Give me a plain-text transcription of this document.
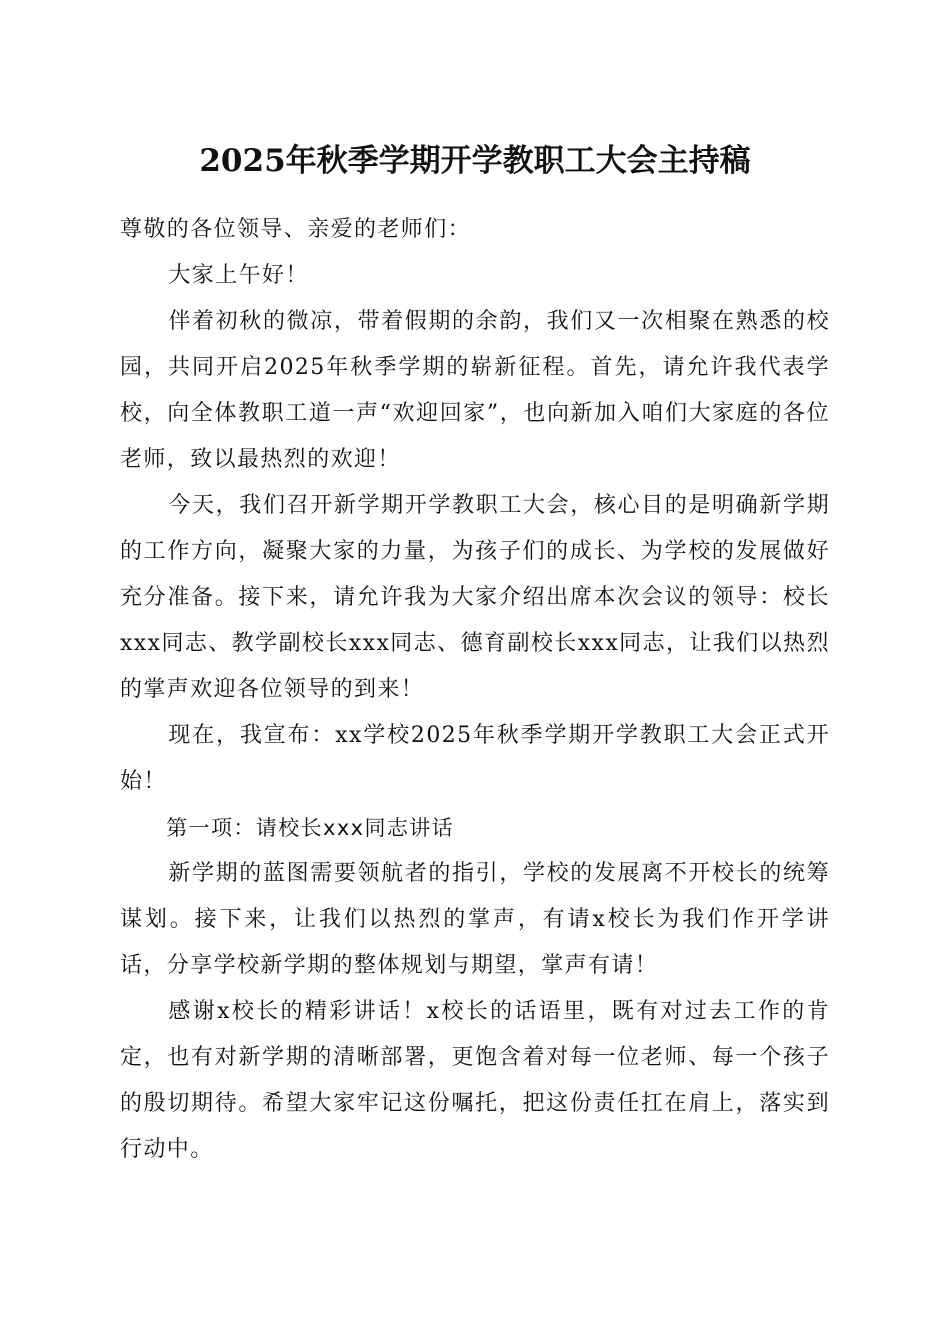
2025年秋季学期开学教职工大会主持稿

尊敬的各位领导、亲爱的老师们：

大家上午好！

伴着初秋的微凉，带着假期的余韵，我们又一次相聚在熟悉的校园，共同开启2025年秋季学期的崭新征程。首先，请允许我代表学校，向全体教职工道一声“欢迎回家”，也向新加入咱们大家庭的各位老师，致以最热烈的欢迎！

今天，我们召开新学期开学教职工大会，核心目的是明确新学期的工作方向，凝聚大家的力量，为孩子们的成长、为学校的发展做好充分准备。接下来，请允许我为大家介绍出席本次会议的领导：校长xxx同志、教学副校长xxx同志、德育副校长xxx同志，让我们以热烈的掌声欢迎各位领导的到来！

现在，我宣布：xx学校2025年秋季学期开学教职工大会正式开始！

第一项：请校长xxx同志讲话

新学期的蓝图需要领航者的指引，学校的发展离不开校长的统筹谋划。接下来，让我们以热烈的掌声，有请x校长为我们作开学讲话，分享学校新学期的整体规划与期望，掌声有请！

感谢x校长的精彩讲话！x校长的话语里，既有对过去工作的肯定，也有对新学期的清晰部署，更饱含着对每一位老师、每一个孩子的殷切期待。希望大家牢记这份嘱托，把这份责任扛在肩上，落实到行动中。
